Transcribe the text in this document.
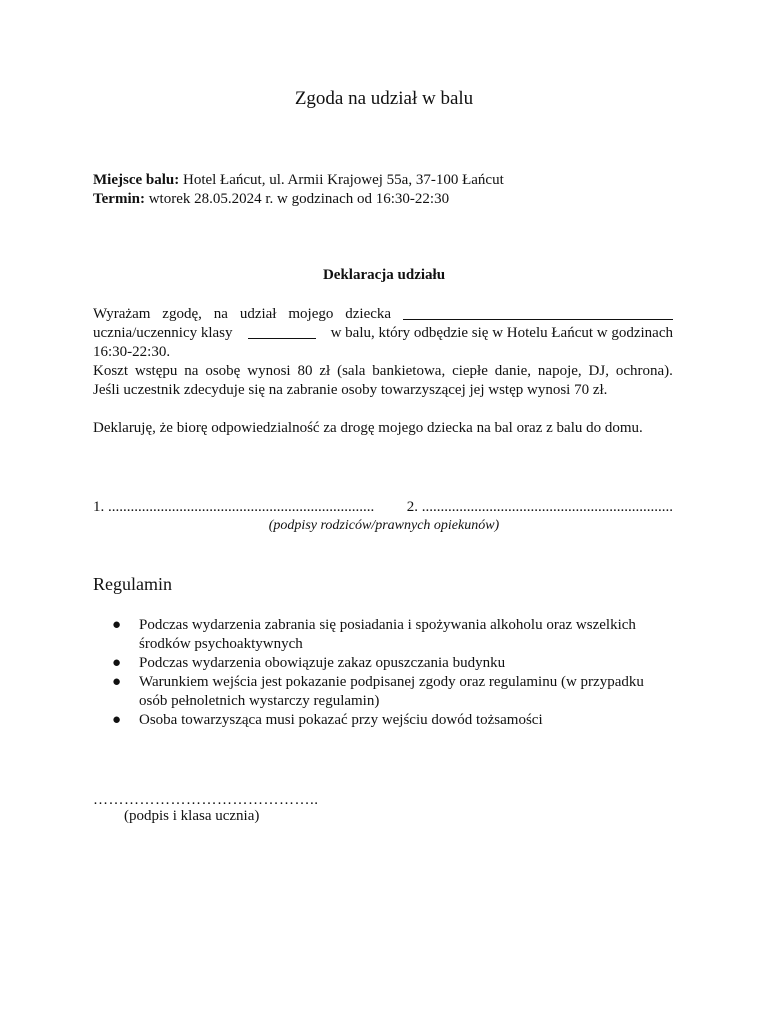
Zgoda na udział w balu
Miejsce balu: Hotel Łańcut, ul. Armii Krajowej 55a, 37-100 Łańcut
Termin: wtorek 28.05.2024 r. w godzinach od 16:30-22:30
Deklaracja udziału
Wyrażam zgodę, na udział mojego dziecka
ucznia/uczennicy klasy	w balu, który odbędzie się w Hotelu Łańcut w godzinach

16:30-22:30.

Koszt wstępu na osobę wynosi 80 zł (sala bankietowa, ciepłe danie, napoje, DJ, ochrona).

Jeśli uczestnik zdecyduje się na zabranie osoby towarzyszącej jej wstęp wynosi 70 zł.

Deklaruję, że biorę odpowiedzialność za drogę mojego dziecka na bal oraz z balu do domu.

1. ....................................................................... 2. ...................................................................
(podpisy rodziców/prawnych opiekunów)
Regulamin
● Podczas wydarzenia zabrania się posiadania i spożywania alkoholu oraz wszelkich
środków psychoaktywnych
● Podczas wydarzenia obowiązuje zakaz opuszczania budynku
● Warunkiem wejścia jest pokazanie podpisanej zgody oraz regulaminu (w przypadku
osób pełnoletnich wystarczy regulamin)
● Osoba towarzysząca musi pokazać przy wejściu dowód tożsamości
……………………………………..
(podpis i klasa ucznia)
